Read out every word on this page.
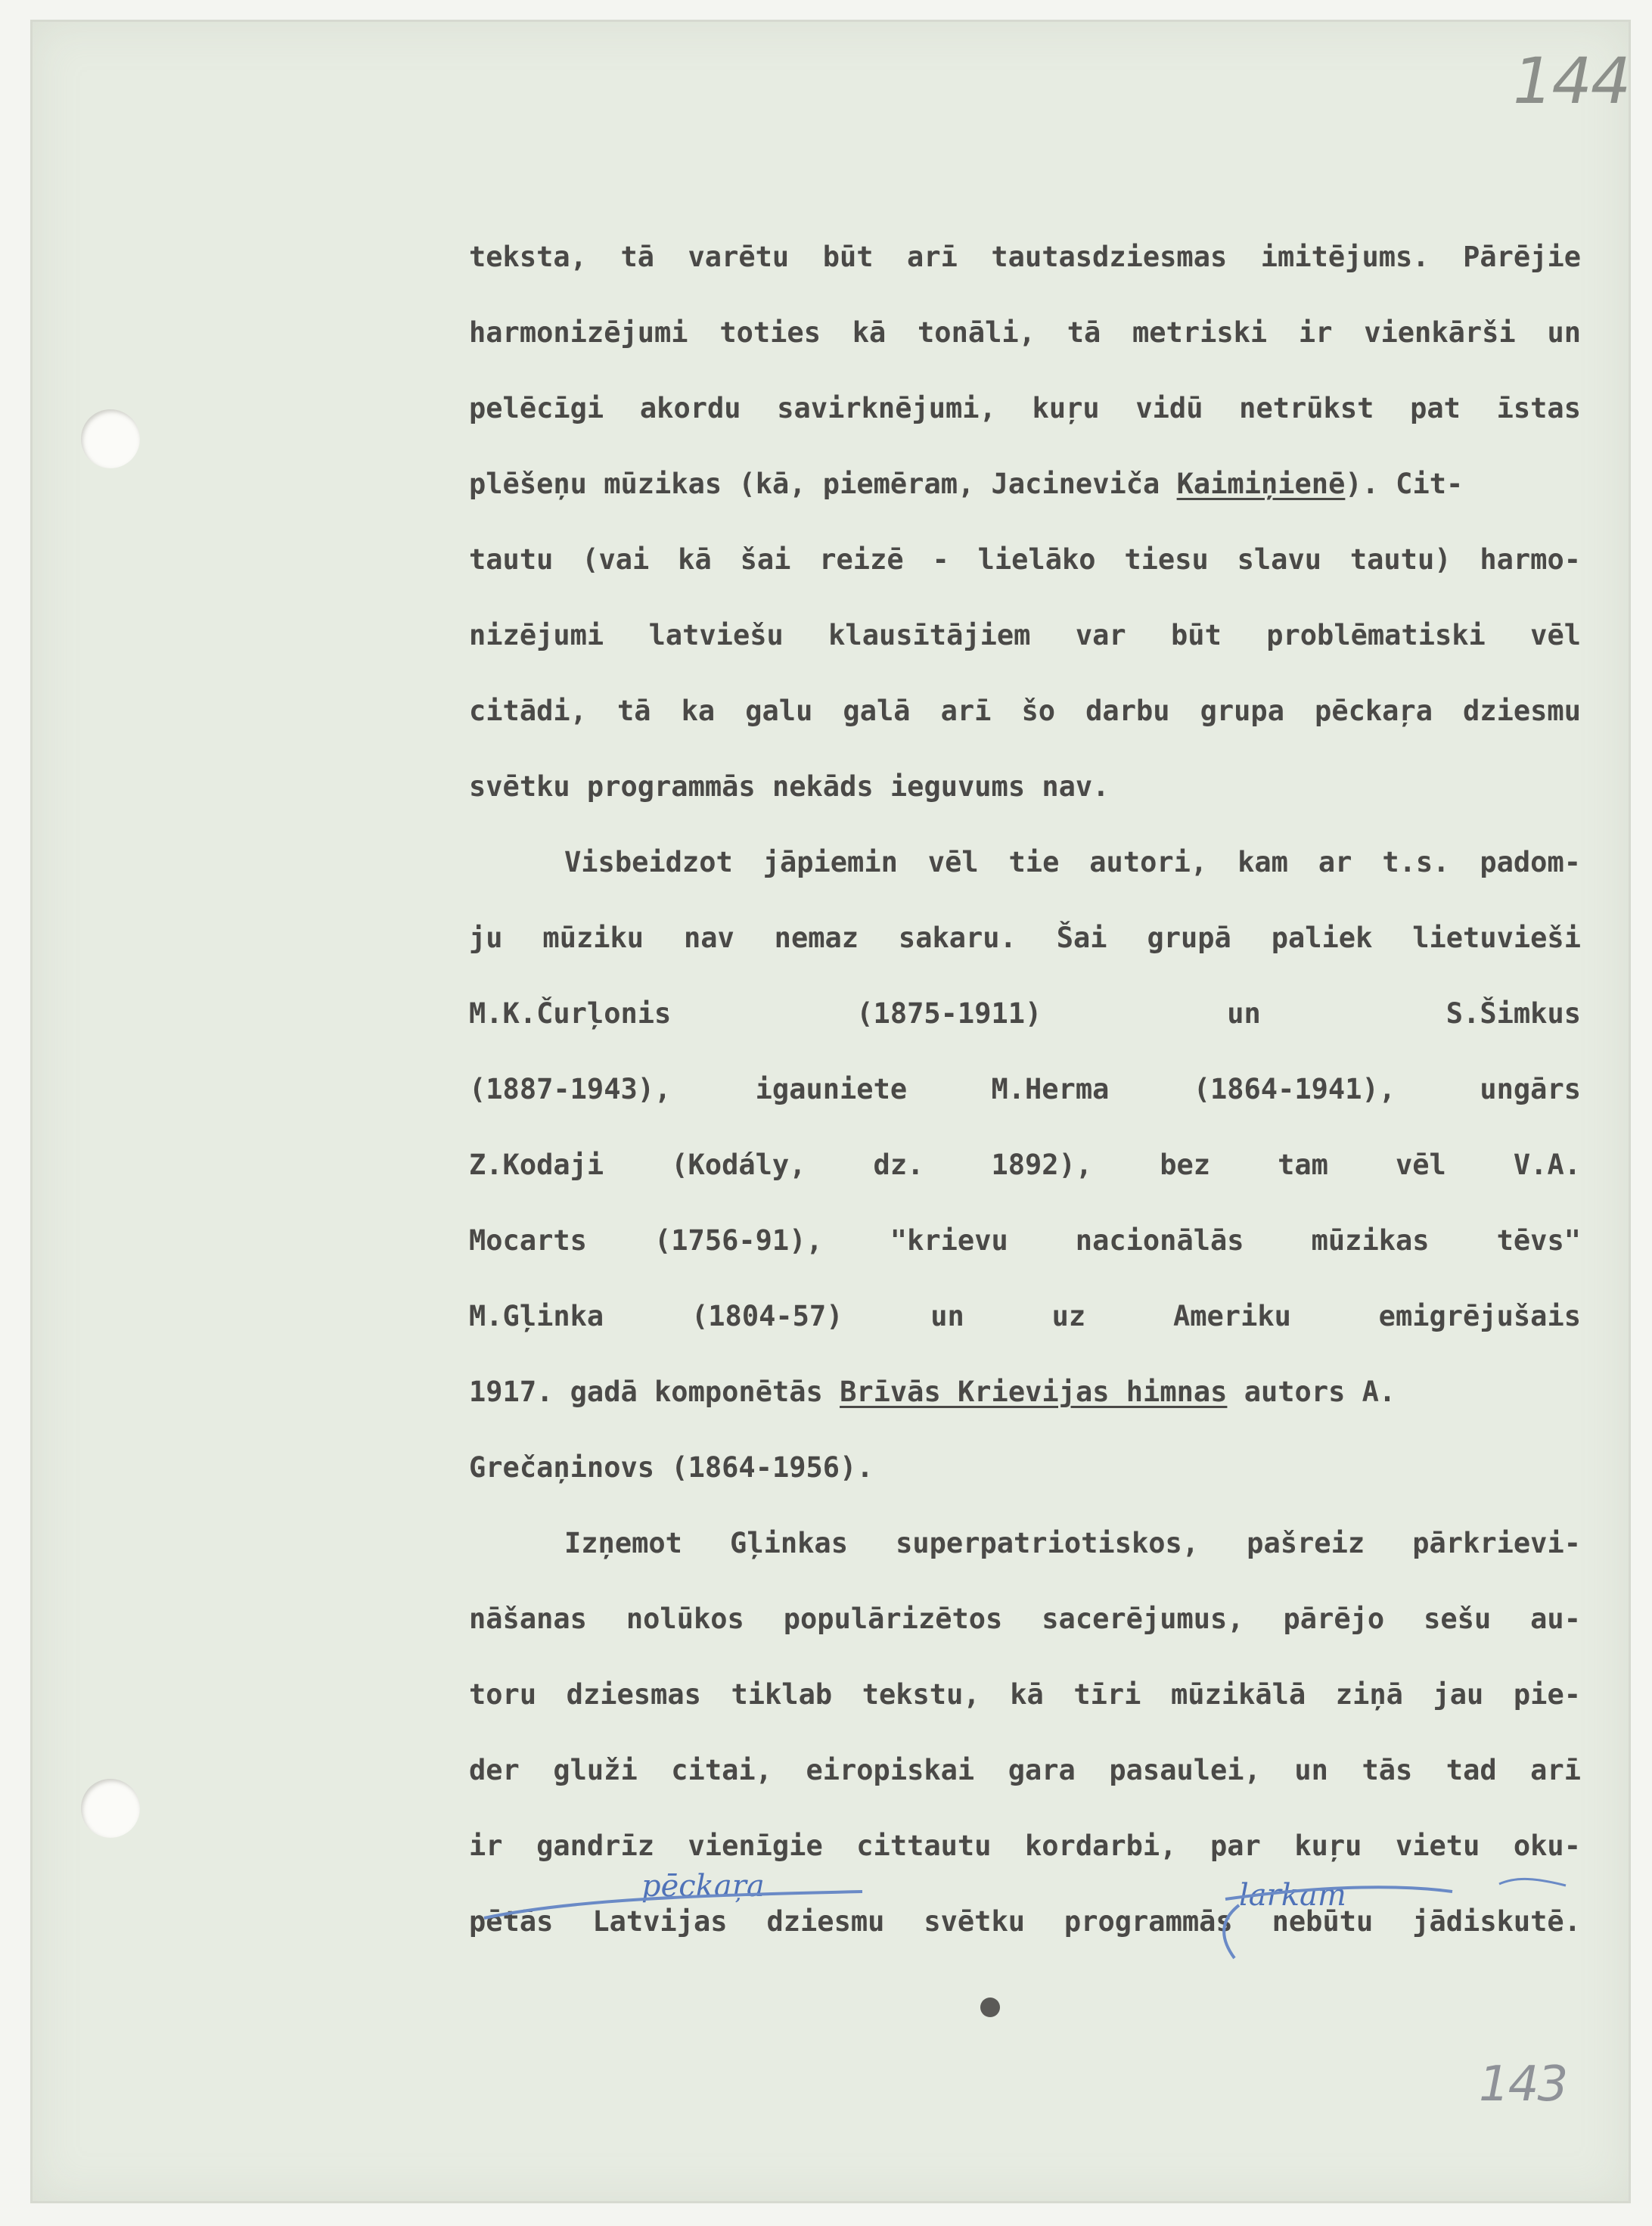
144
143
teksta, tā varētu būt arī tautasdziesmas imitējums. Pārējie
harmonizējumi toties kā tonāli, tā metriski ir vienkārši un
pelēcīgi akordu savirknējumi, kuŗu vidū netrūkst pat īstas
plēšeņu mūzikas (kā, piemēram, Jacinevičа Kaimiņienē). Cit-
tautu (vai kā šai reizē - lielāko tiesu slavu tautu) harmo-
nizējumi latviešu klausītājiem var būt problēmatiski vēl
citādi, tā ka galu galā arī šo darbu grupa pēckaŗa dziesmu
svētku programmās nekāds ieguvums nav.
Visbeidzot jāpiemin vēl tie autori, kam ar t.s. padom-
ju mūziku nav nemaz sakaru. Šai grupā paliek lietuvieši
M.K.Čurļonis (1875-1911) un S.Šimkus
(1887-1943), igauniete M.Herma (1864-1941), ungārs
Z.Kodaji (Kodály, dz. 1892), bez tam vēl V.A.
Mocarts (1756-91), "krievu nacionālās mūzikas tēvs"
M.Gļinka (1804-57) un uz Ameriku emigrējušais
1917. gadā komponētās Brīvās Krievijas himnas autors A.
Grečaņinovs (1864-1956).
Izņemot Gļinkas superpatriotiskos, pašreiz pārkrievi-
nāšanas nolūkos populārizētos sacerējumus, pārējo sešu au-
toru dziesmas tiklab tekstu, kā tīri mūzikālā ziņā jau pie-
der gluži citai, eiropiskai gara pasaulei, un tās tad arī
ir gandrīz vienīgie cittautu kordarbi, par kuŗu vietu oku-
pētās Latvijas dziesmu svētku programmās nebūtu jādiskutē.
pēckaŗa	larkam
